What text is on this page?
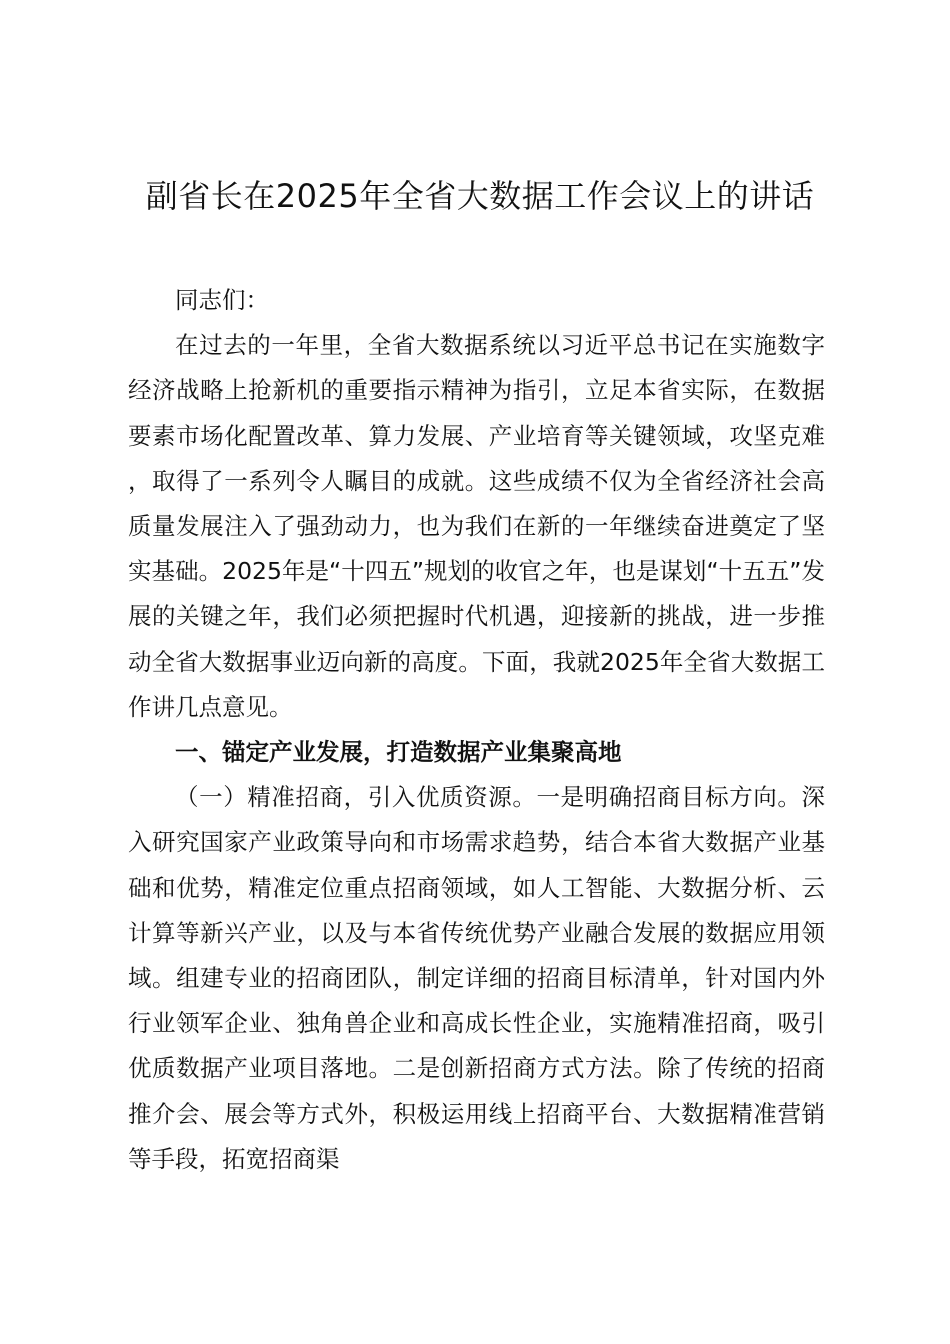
副省长在2025年全省大数据工作会议上的讲话

同志们：

在过去的一年里，全省大数据系统以习近平总书记在实施数字经济战略上抢新机的重要指示精神为指引，立足本省实际，在数据要素市场化配置改革、算力发展、产业培育等关键领域，攻坚克难，取得了一系列令人瞩目的成就。这些成绩不仅为全省经济社会高质量发展注入了强劲动力，也为我们在新的一年继续奋进奠定了坚实基础。2025年是“十四五”规划的收官之年，也是谋划“十五五”发展的关键之年，我们必须把握时代机遇，迎接新的挑战，进一步推动全省大数据事业迈向新的高度。下面，我就2025年全省大数据工作讲几点意见。

一、锚定产业发展，打造数据产业集聚高地

（一）精准招商，引入优质资源。一是明确招商目标方向。深入研究国家产业政策导向和市场需求趋势，结合本省大数据产业基础和优势，精准定位重点招商领域，如人工智能、大数据分析、云计算等新兴产业，以及与本省传统优势产业融合发展的数据应用领域。组建专业的招商团队，制定详细的招商目标清单，针对国内外行业领军企业、独角兽企业和高成长性企业，实施精准招商，吸引优质数据产业项目落地。二是创新招商方式方法。除了传统的招商推介会、展会等方式外，积极运用线上招商平台、大数据精准营销等手段，拓宽招商渠
